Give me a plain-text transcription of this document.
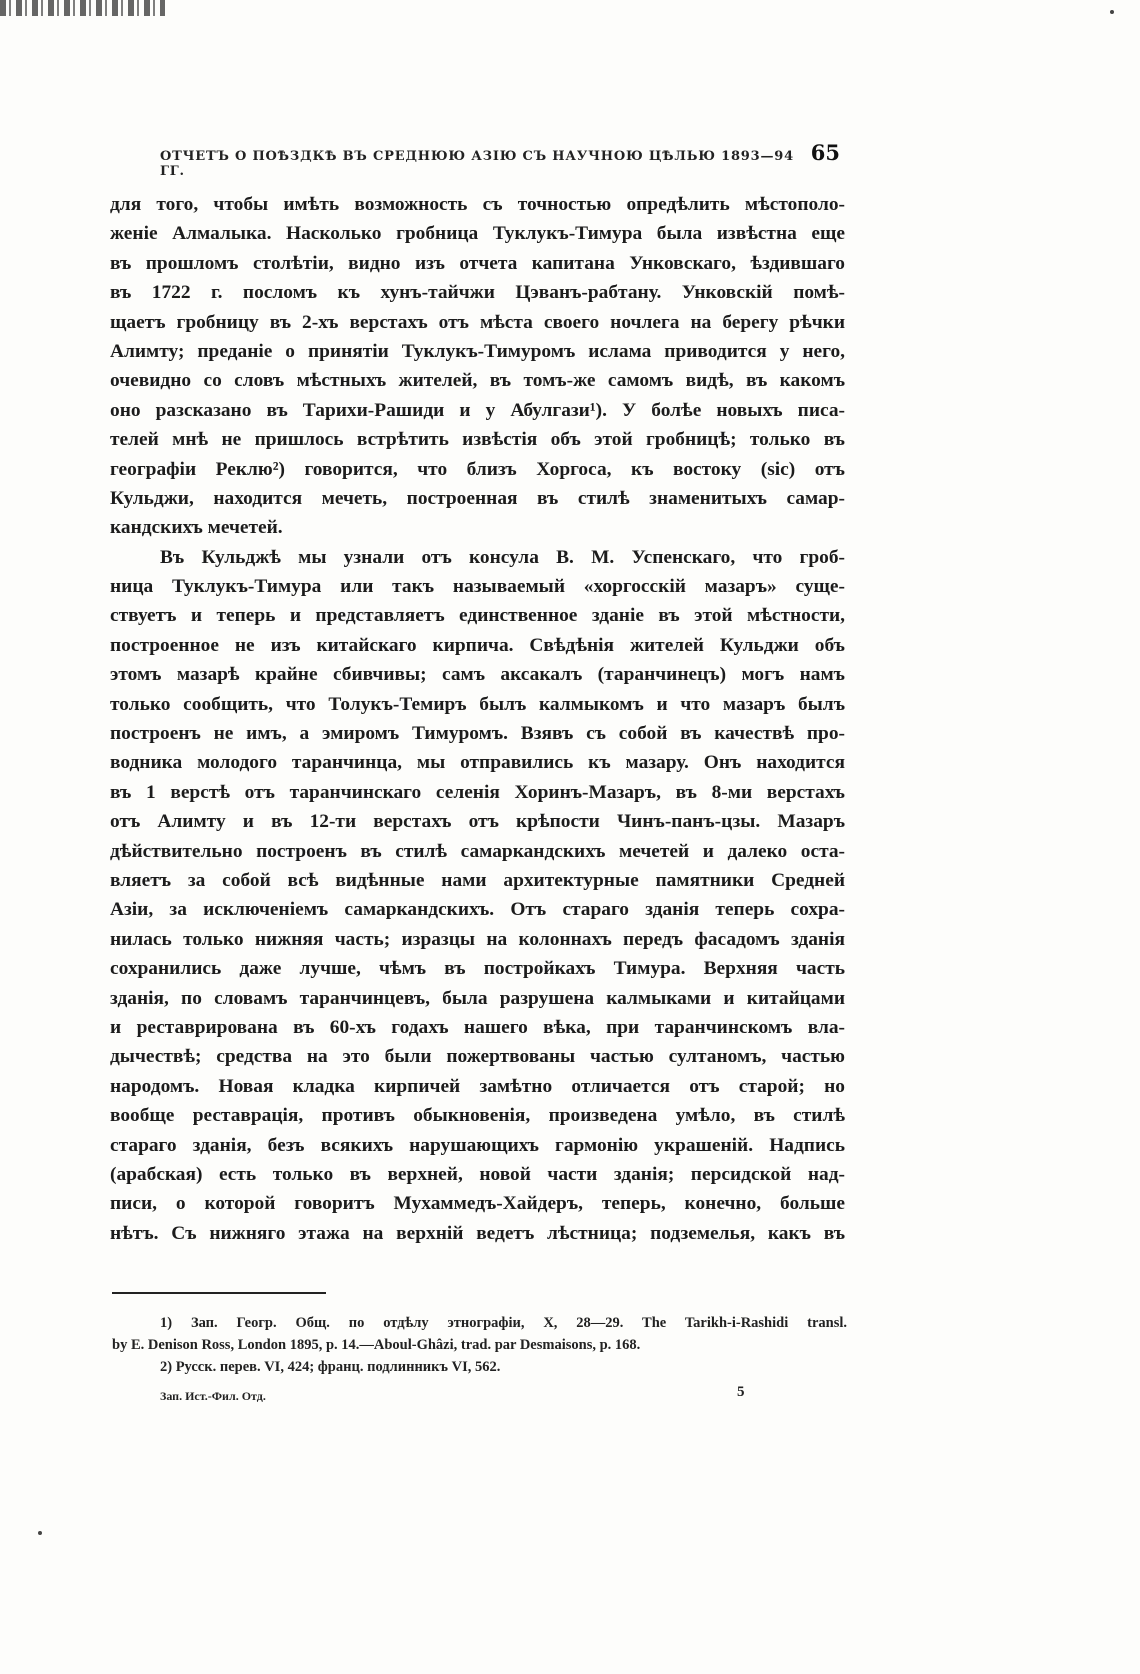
ОТЧЕТЪ О ПОѢЗДКѢ ВЪ СРЕДНЮЮ АЗІЮ СЪ НАУЧНОЮ ЦѢЛЬЮ 1893—94 ГГ.
65
для того, чтобы имѣть возможность съ точностью опредѣлить мѣстополо-
женіе Алмалыка. Насколько гробница Туклукъ-Тимура была извѣстна еще
въ прошломъ столѣтіи, видно изъ отчета капитана Унковскаго, ѣздившаго
въ 1722 г. посломъ къ хунъ-тайчжи Цэванъ-рабтану. Унковскій помѣ-
щаетъ гробницу въ 2-хъ верстахъ отъ мѣста своего ночлега на берегу рѣчки
Алимту; преданіе о принятіи Туклукъ-Тимуромъ ислама приводится у него,
очевидно со словъ мѣстныхъ жителей, въ томъ-же самомъ видѣ, въ какомъ
оно разсказано въ Тарихи-Рашиди и у Абулгази¹). У болѣе новыхъ писа-
телей мнѣ не пришлось встрѣтить извѣстія объ этой гробницѣ; только въ
географіи Реклю²) говорится, что близъ Хоргоса, къ востоку (sic) отъ
Кульджи, находится мечеть, построенная въ стилѣ знаменитыхъ самар-
кандскихъ мечетей.
Въ Кульджѣ мы узнали отъ консула В. М. Успенскаго, что гроб-
ница Туклукъ-Тимура или такъ называемый «хоргосскій мазаръ» суще-
ствуетъ и теперь и представляетъ единственное зданіе въ этой мѣстности,
построенное не изъ китайскаго кирпича. Свѣдѣнія жителей Кульджи объ
этомъ мазарѣ крайне сбивчивы; самъ аксакалъ (таранчинецъ) могъ намъ
только сообщить, что Толукъ-Темиръ былъ калмыкомъ и что мазаръ былъ
построенъ не имъ, а эмиромъ Тимуромъ. Взявъ съ собой въ качествѣ про-
водника молодого таранчинца, мы отправились къ мазару. Онъ находится
въ 1 верстѣ отъ таранчинскаго селенія Хоринъ-Мазаръ, въ 8-ми верстахъ
отъ Алимту и въ 12-ти верстахъ отъ крѣпости Чинъ-панъ-цзы. Мазаръ
дѣйствительно построенъ въ стилѣ самаркандскихъ мечетей и далеко оста-
вляетъ за собой всѣ видѣнные нами архитектурные памятники Средней
Азіи, за исключеніемъ самаркандскихъ. Отъ стараго зданія теперь сохра-
нилась только нижняя часть; изразцы на колоннахъ передъ фасадомъ зданія
сохранились даже лучше, чѣмъ въ постройкахъ Тимура. Верхняя часть
зданія, по словамъ таранчинцевъ, была разрушена калмыками и китайцами
и реставрирована въ 60-хъ годахъ нашего вѣка, при таранчинскомъ вла-
дычествѣ; средства на это были пожертвованы частью султаномъ, частью
народомъ. Новая кладка кирпичей замѣтно отличается отъ старой; но
вообще реставрація, противъ обыкновенія, произведена умѣло, въ стилѣ
стараго зданія, безъ всякихъ нарушающихъ гармонію украшеній. Надпись
(арабская) есть только въ верхней, новой части зданія; персидской над-
писи, о которой говоритъ Мухаммедъ-Хайдеръ, теперь, конечно, больше
нѣтъ. Съ нижняго этажа на верхній ведетъ лѣстница; подземелья, какъ въ
1) Зап. Геогр. Общ. по отдѣлу этнографіи, X, 28—29. The Tarikh-i-Rashidi transl.
by E. Denison Ross, London 1895, p. 14.—Aboul-Ghâzi, trad. par Desmaisons, p. 168.
2) Русск. перев. VI, 424; франц. подлинникъ VI, 562.
Зап. Ист.-Фил. Отд.	5
